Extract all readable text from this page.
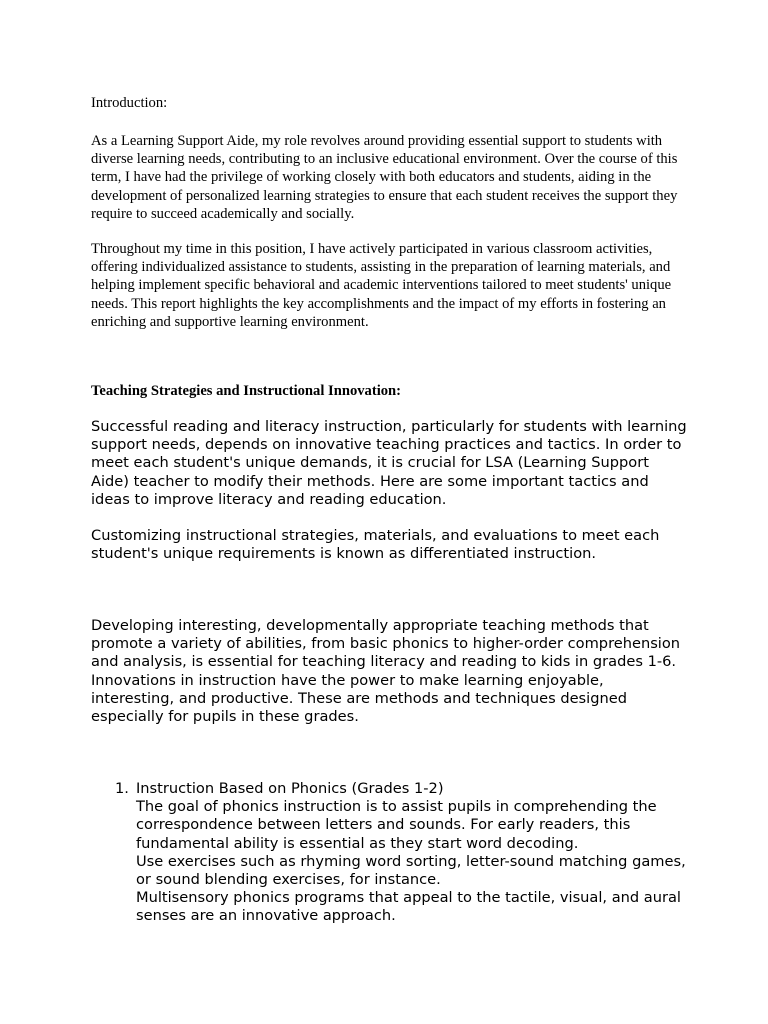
Introduction:

As a Learning Support Aide, my role revolves around providing essential support to students with diverse learning needs, contributing to an inclusive educational environment. Over the course of this term, I have had the privilege of working closely with both educators and students, aiding in the development of personalized learning strategies to ensure that each student receives the support they require to succeed academically and socially.

Throughout my time in this position, I have actively participated in various classroom activities, offering individualized assistance to students, assisting in the preparation of learning materials, and helping implement specific behavioral and academic interventions tailored to meet students' unique needs. This report highlights the key accomplishments and the impact of my efforts in fostering an enriching and supportive learning environment.

Teaching Strategies and Instructional Innovation:

Successful reading and literacy instruction, particularly for students with learning support needs, depends on innovative teaching practices and tactics. In order to meet each student's unique demands, it is crucial for LSA (Learning Support Aide) teacher to modify their methods. Here are some important tactics and ideas to improve literacy and reading education.

Customizing instructional strategies, materials, and evaluations to meet each student's unique requirements is known as differentiated instruction.

Developing interesting, developmentally appropriate teaching methods that promote a variety of abilities, from basic phonics to higher-order comprehension and analysis, is essential for teaching literacy and reading to kids in grades 1-6. Innovations in instruction have the power to make learning enjoyable, interesting, and productive. These are methods and techniques designed especially for pupils in these grades.

1. Instruction Based on Phonics (Grades 1-2)
The goal of phonics instruction is to assist pupils in comprehending the correspondence between letters and sounds. For early readers, this fundamental ability is essential as they start word decoding.
Use exercises such as rhyming word sorting, letter-sound matching games, or sound blending exercises, for instance.
Multisensory phonics programs that appeal to the tactile, visual, and aural senses are an innovative approach.
